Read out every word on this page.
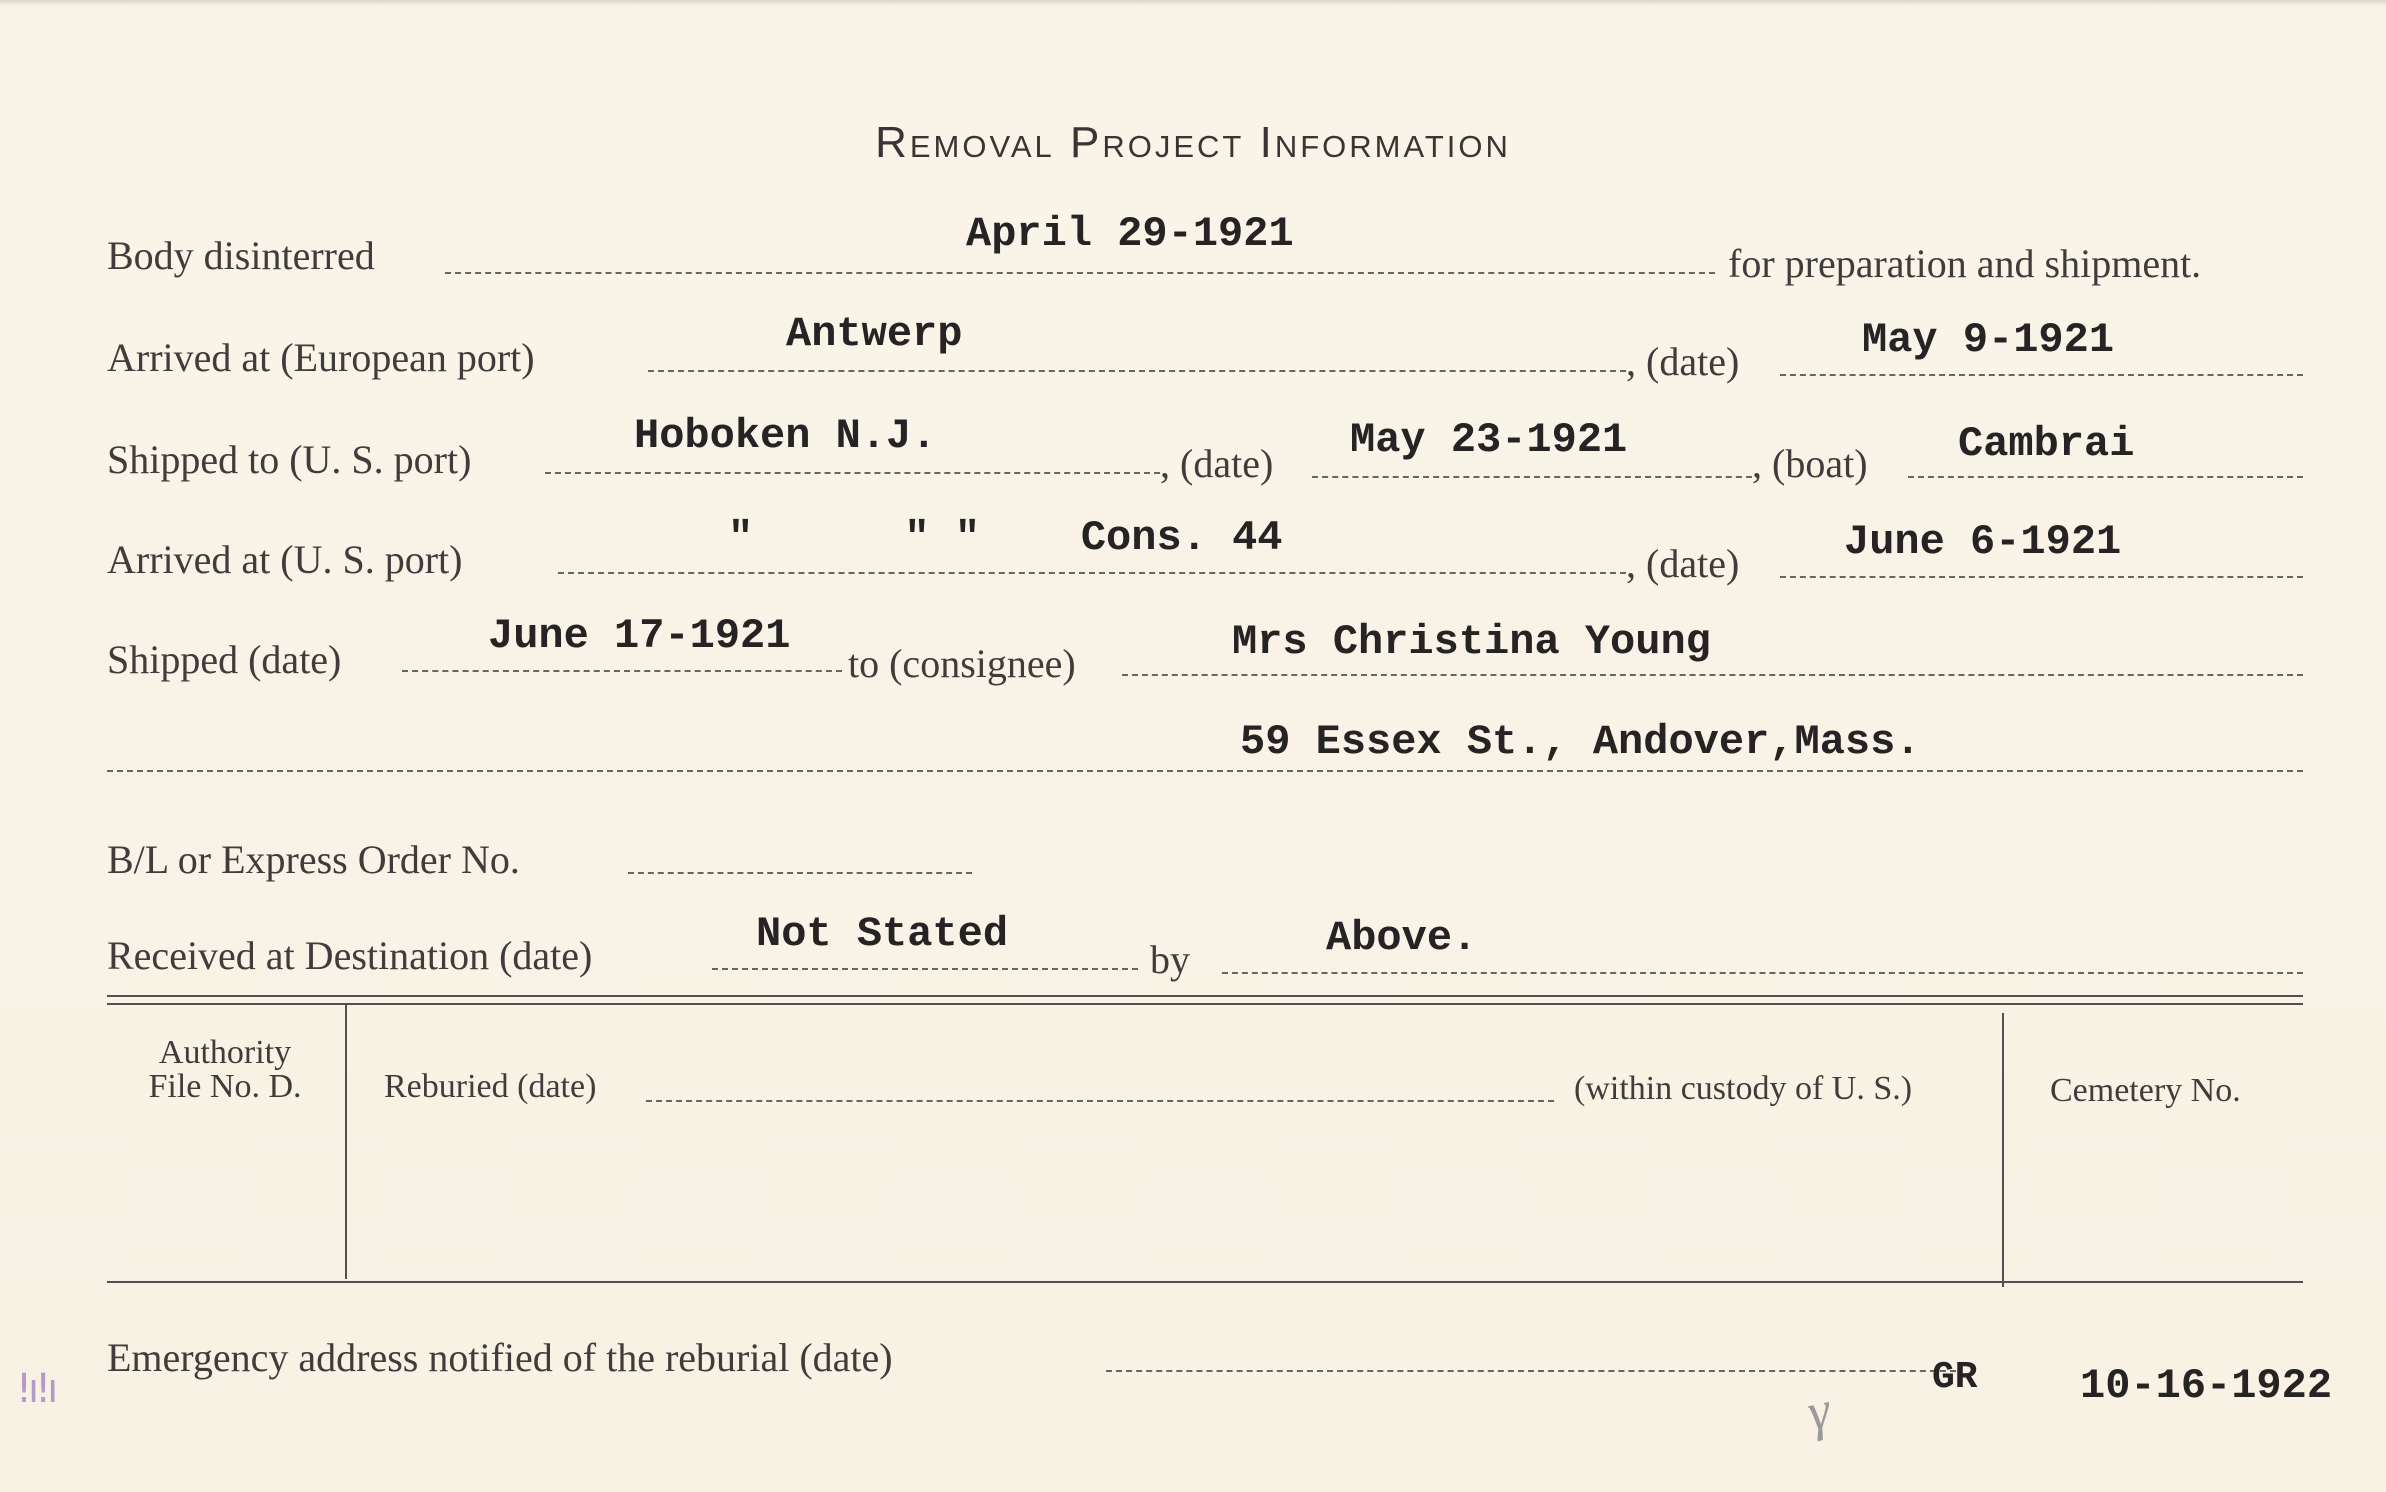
Removal Project Information
Body disinterred	April 29-1921
for preparation and shipment.
Arrived at (European port)	Antwerp
, (date)	May 9-1921
Shipped to (U. S. port)	Hoboken N.J.
, (date) May 23-1921	, (boat) Cambrai
Arrived at (U. S. port)	"      " "    Cons. 44
, (date) June 6-1921
Shipped (date)	June 17-1921
to (consignee)	Mrs Christina Young
59 Essex St., Andover,Mass.
B/L or Express Order No.
Received at Destination (date)	Not Stated
by	Above.
Authority
File No. D.	Reburied (date)	(within custody of U. S.)	Cemetery No.
Emergency address notified of the reburial (date)	GR 10-16-1922
γ
!ı!ı
